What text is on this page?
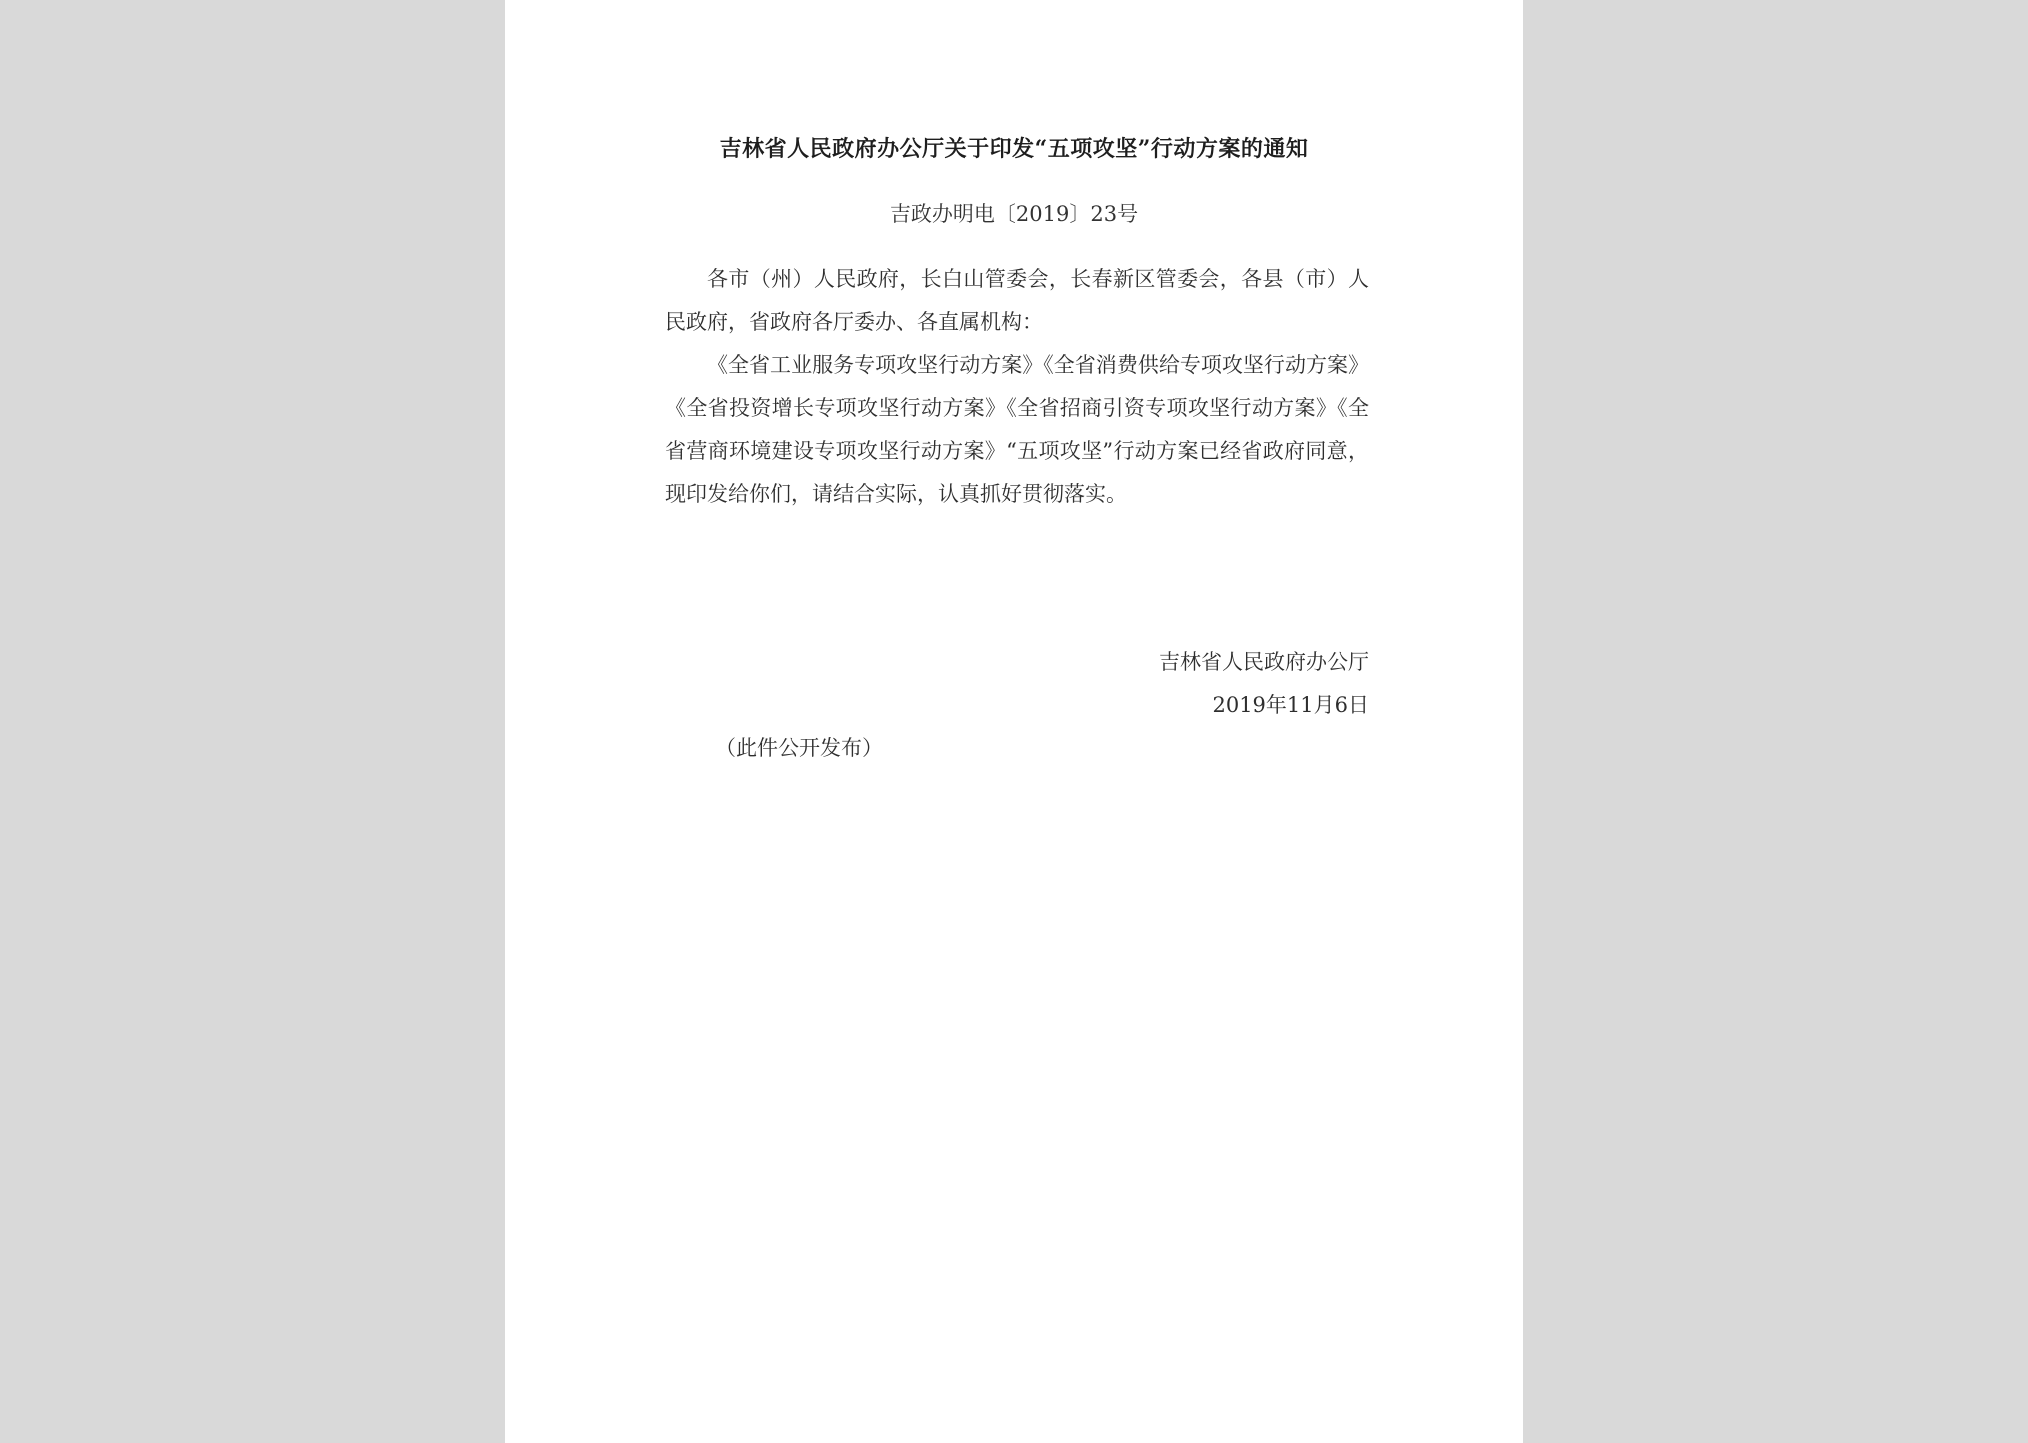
吉林省人民政府办公厅关于印发“五项攻坚”行动方案的通知
吉政办明电〔2019〕23号

各市（州）人民政府，长白山管委会，长春新区管委会，各县（市）人民政府，省政府各厅委办、各直属机构：

《全省工业服务专项攻坚行动方案》《全省消费供给专项攻坚行动方案》《全省投资增长专项攻坚行动方案》《全省招商引资专项攻坚行动方案》《全省营商环境建设专项攻坚行动方案》“五项攻坚”行动方案已经省政府同意，现印发给你们，请结合实际，认真抓好贯彻落实。

吉林省人民政府办公厅
2019年11月6日
（此件公开发布）
